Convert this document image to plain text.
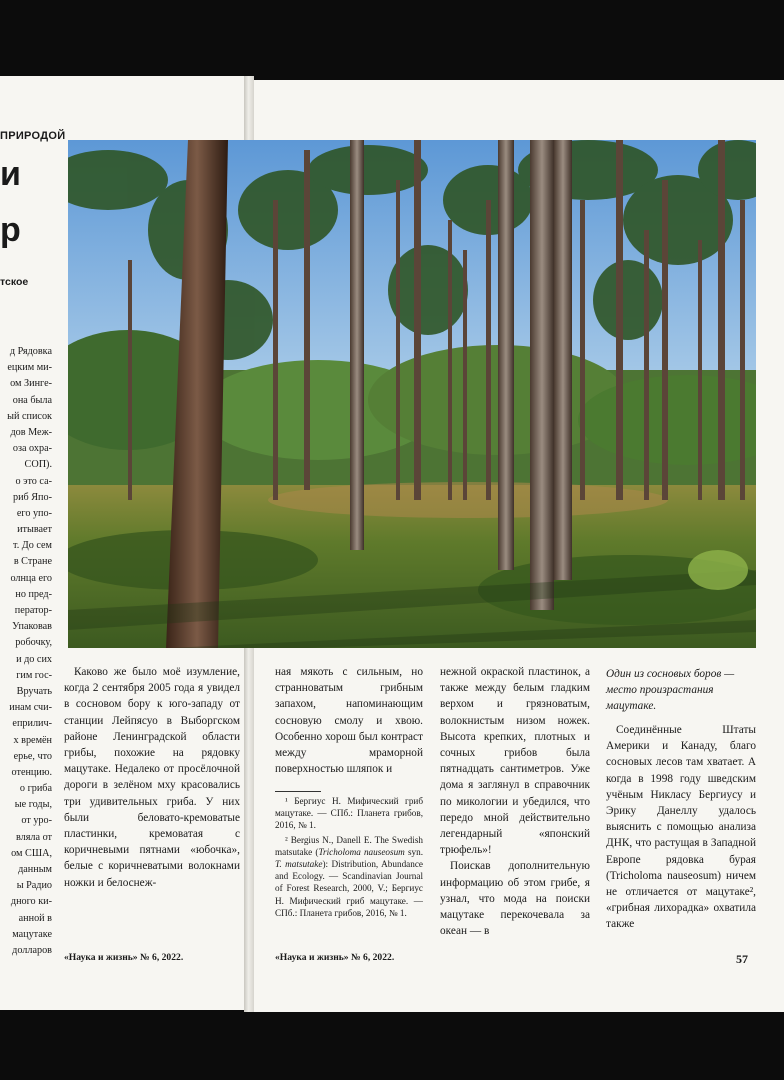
ПРИРОДОЙ
и
р
тское
д Рядовка
ецким ми-
ом Зинге-
она была
ый список
дов Меж-
оза охра-
СОП).
о это са-
риб Япо-
его упо-
итывает
т. До сем
в Стране
олнца его
но пред-
ператор-
Упаковав
робочку,
и до сих
гим гос-
Вручать
инам счи-
еприлич-
х времён
ерье, что
отенцию.
о гриба
ые годы,
от уро-
вляла от
ом США,
данным
ы Радио
дного ки-
анной в
мацутаке
долларов

Каково же было моё изумление, когда 2 сентября 2005 года я увидел в сосновом бору к юго-западу от станции Лейпясуо в Выборгском районе Ленинградской области грибы, похожие на рядовку мацутаке. Недалеко от просёлочной дороги в зелёном мху красовались три удивительных гриба. У них были беловато-кремоватые пластинки, кремоватая с коричневыми пятнами «юбочка», белые с коричневатыми волокнами ножки и белоснеж-

ная мякоть с сильным, но странноватым грибным запахом, напоминающим сосновую смолу и хвою. Особенно хорош был контраст между мраморной поверхностью шляпок и

¹ Бергиус Н. Мифический гриб мацутаке. — СПб.: Планета грибов, 2016, № 1.

² Bergius N., Danell E. The Swedish matsutake (Tricholoma nauseosum syn. T. matsutake): Distribution, Abundance and Ecology. — Scandinavian Journal of Forest Research, 2000, V.; Бергиус Н. Мифический гриб мацутаке. — СПб.: Планета грибов, 2016, № 1.

нежной окраской пластинок, а также между белым гладким верхом и грязноватым, волокнистым низом ножек. Высота крепких, плотных и сочных грибов была пятнадцать сантиметров. Уже дома я заглянул в справочник по микологии и убедился, что передо мной действительно легендарный «японский трюфель»!

Поискав дополнительную информацию об этом грибе, я узнал, что мода на поиски мацутаке перекочевала за океан — в

Один из сосновых боров — место произрастания мацутаке.

Соединённые Штаты Америки и Канаду, благо сосновых лесов там хватает. А когда в 1998 году шведским учёным Никласу Бергиусу и Эрику Данеллу удалось выяснить с помощью анализа ДНК, что растущая в Западной Европе рядовка бурая (Tricholoma nauseosum) ничем не отличается от мацутаке², «грибная лихорадка» охватила также

«Наука и жизнь» № 6, 2022.	«Наука и жизнь» № 6, 2022.	57
